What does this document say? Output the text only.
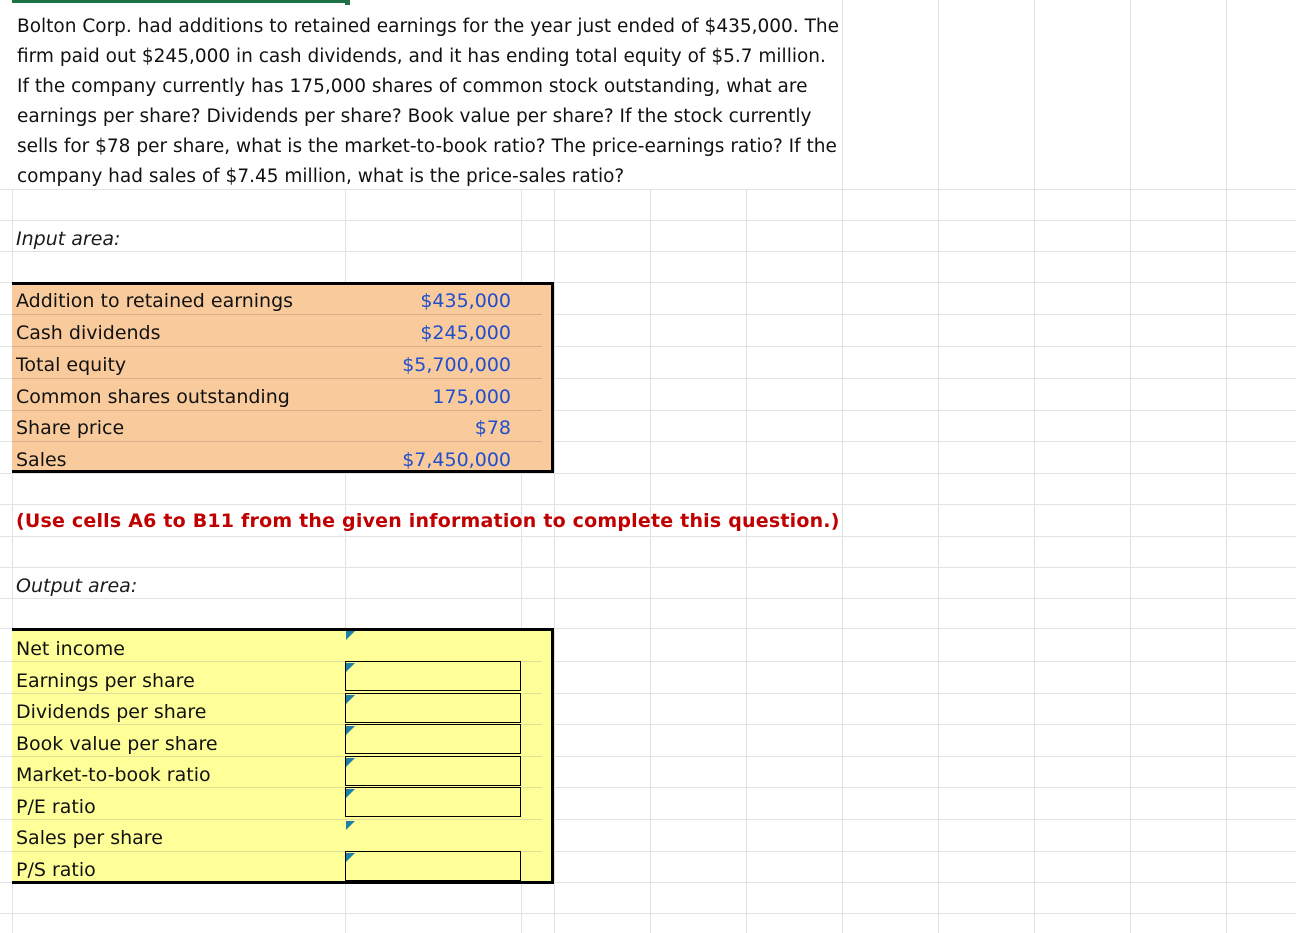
Bolton Corp. had additions to retained earnings for the year just ended of $435,000. The firm paid out $245,000 in cash dividends, and it has ending total equity of $5.7 million. If the company currently has 175,000 shares of common stock outstanding, what are earnings per share? Dividends per share? Book value per share? If the stock currently sells for $78 per share, what is the market-to-book ratio? The price-earnings ratio? If the company had sales of $7.45 million, what is the price-sales ratio?
Input area:
Addition to retained earnings	$435,000
Cash dividends	$245,000
Total equity	$5,700,000
Common shares outstanding	175,000
Share price	$78
Sales	$7,450,000
(Use cells A6 to B11 from the given information to complete this question.)
Output area:
Net income
Earnings per share
Dividends per share
Book value per share
Market-to-book ratio
P/E ratio
Sales per share
P/S ratio
